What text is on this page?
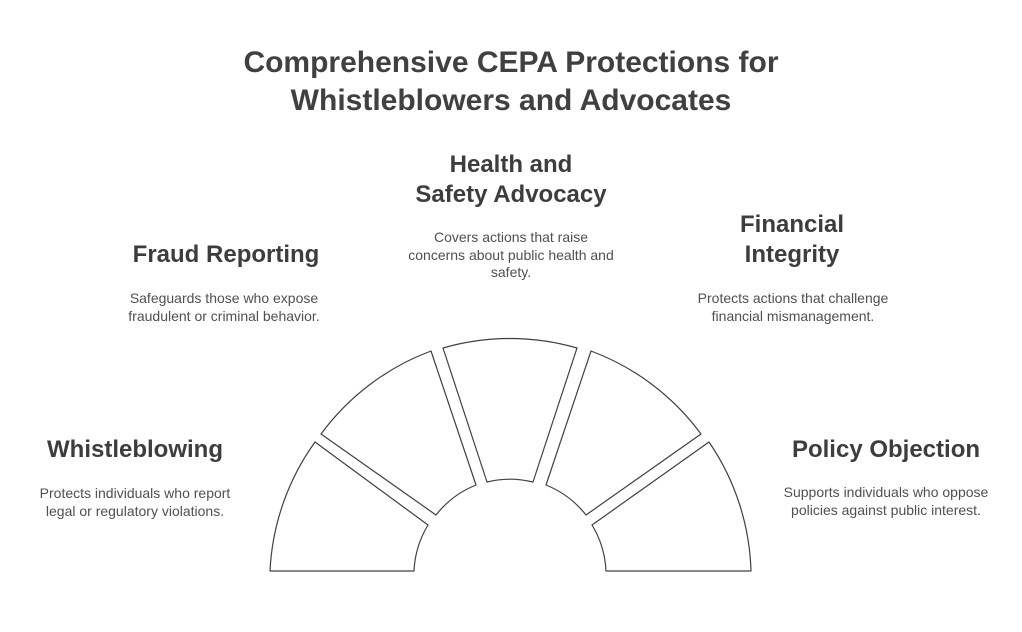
Comprehensive CEPA Protections for
Whistleblowers and Advocates
Whistleblowing
Protects individuals who report legal or regulatory violations.
Fraud Reporting
Safeguards those who expose fraudulent or criminal behavior.
Health and
Safety Advocacy
Covers actions that raise concerns about public health and safety.
Financial
Integrity
Protects actions that challenge financial mismanagement.
Policy Objection
Supports individuals who oppose policies against public interest.
